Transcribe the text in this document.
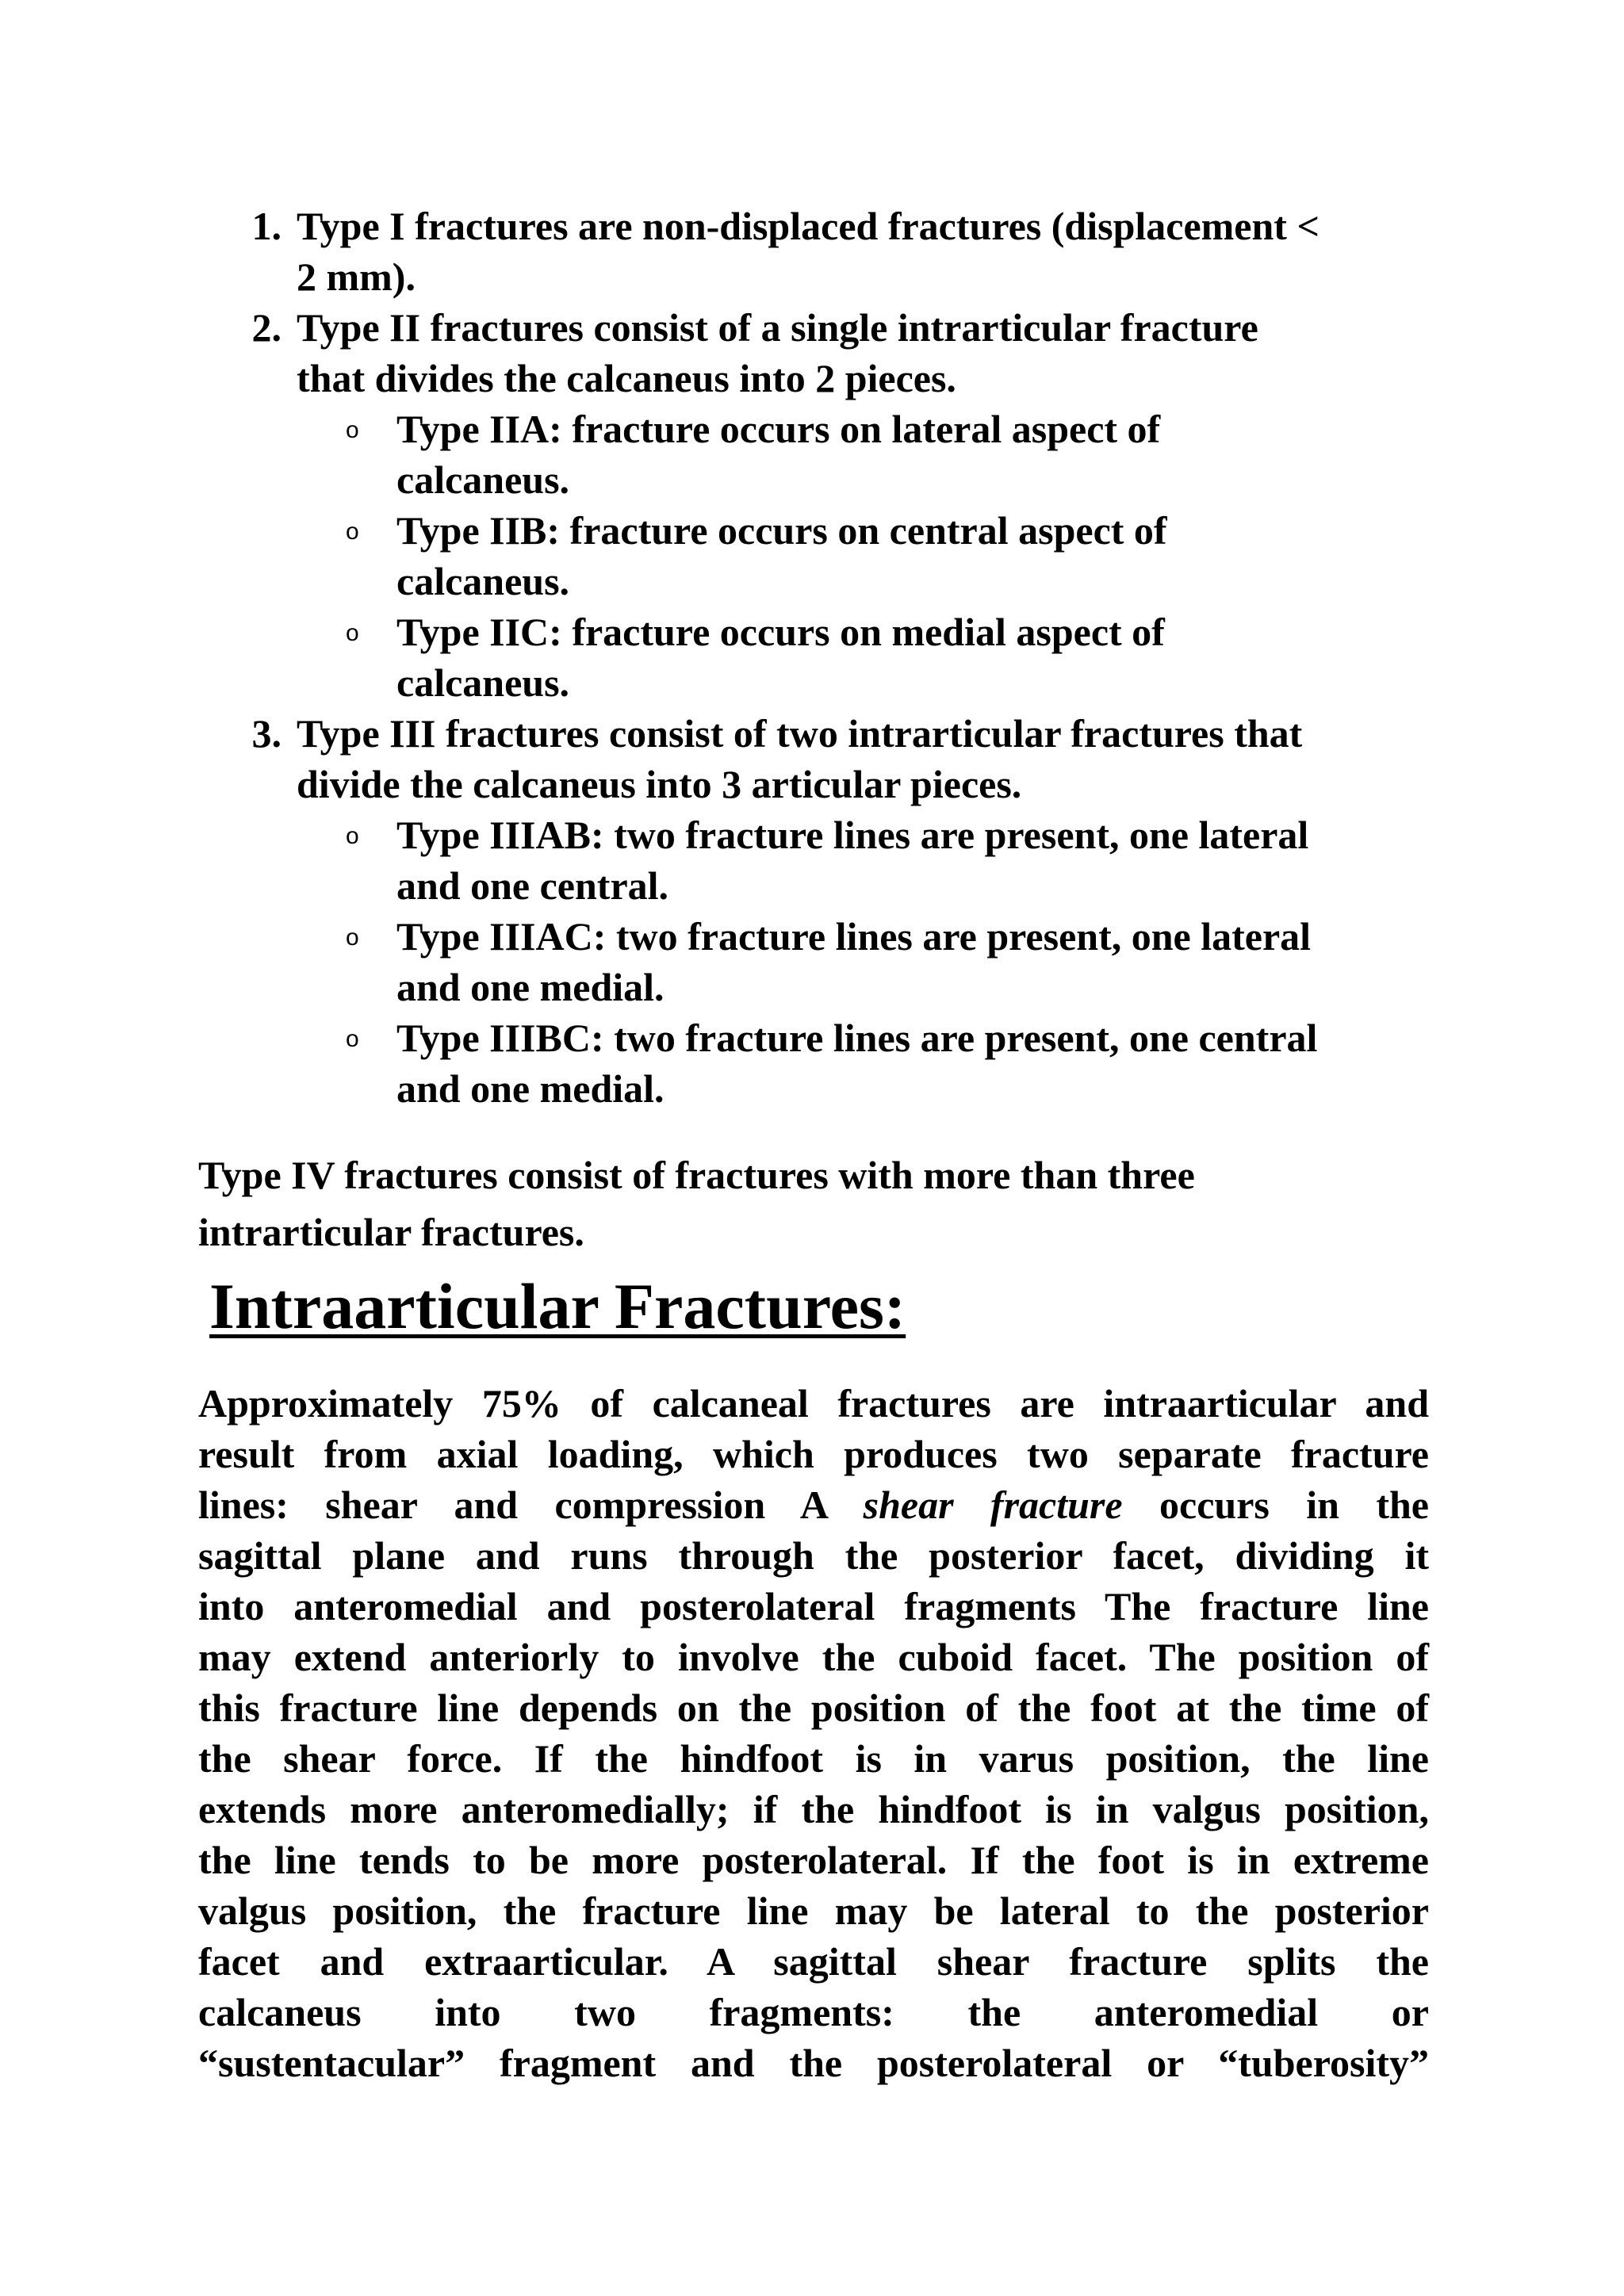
1. Type I fractures are non-displaced fractures (displacement <
2 mm).
2. Type II fractures consist of a single intrarticular fracture
that divides the calcaneus into 2 pieces.
o Type IIA: fracture occurs on lateral aspect of
calcaneus.
o Type IIB: fracture occurs on central aspect of
calcaneus.
o Type IIC: fracture occurs on medial aspect of
calcaneus.
3. Type III fractures consist of two intrarticular fractures that
divide the calcaneus into 3 articular pieces.
o Type IIIAB: two fracture lines are present, one lateral
and one central.
o Type IIIAC: two fracture lines are present, one lateral
and one medial.
o Type IIIBC: two fracture lines are present, one central
and one medial.
Type IV fractures consist of fractures with more than three
intrarticular fractures.
Intraarticular Fractures:
Approximately 75% of calcaneal fractures are intraarticular and
result from axial loading, which produces two separate fracture
lines: shear and compression A shear fracture occurs in the
sagittal plane and runs through the posterior facet, dividing it
into anteromedial and posterolateral fragments The fracture line
may extend anteriorly to involve the cuboid facet. The position of
this fracture line depends on the position of the foot at the time of
the shear force. If the hindfoot is in varus position, the line
extends more anteromedially; if the hindfoot is in valgus position,
the line tends to be more posterolateral. If the foot is in extreme
valgus position, the fracture line may be lateral to the posterior
facet and extraarticular. A sagittal shear fracture splits the
calcaneus into two fragments: the anteromedial or
“sustentacular” fragment and the posterolateral or “tuberosity”
